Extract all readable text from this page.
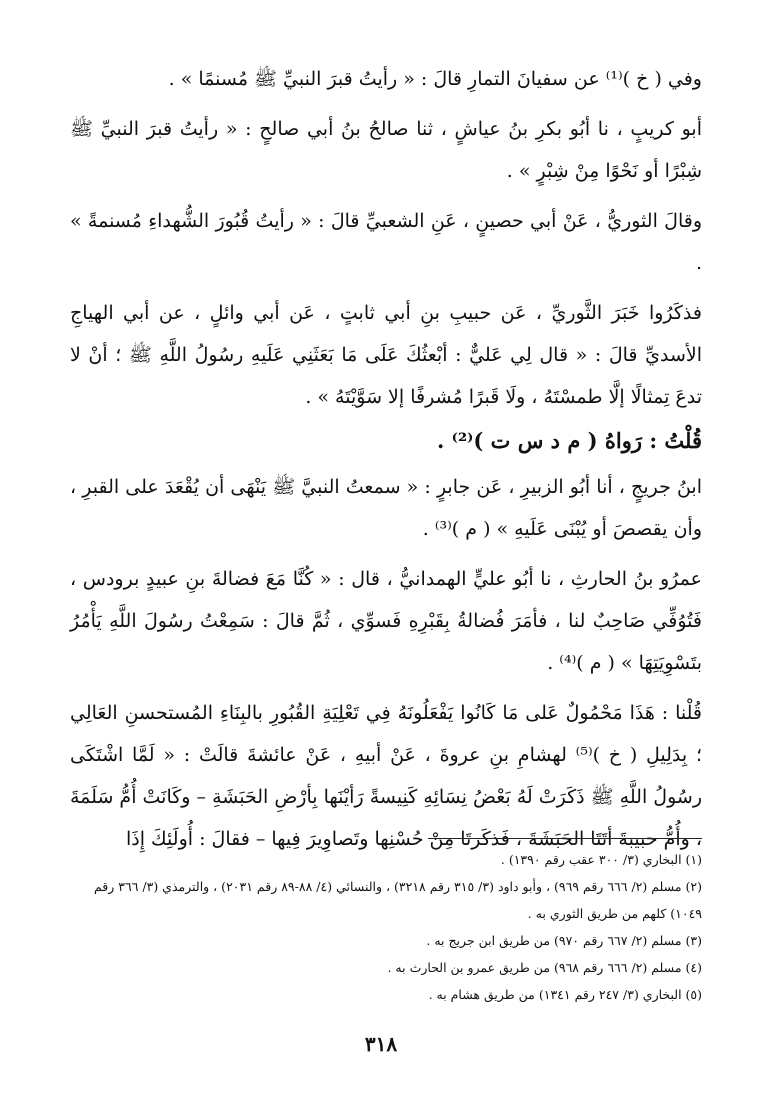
وفي ( خ )⁽¹⁾ عن سفيانَ التمارِ قالَ : « رأيتُ قبرَ النبيِّ ﷺ مُسنمًا » .

أبو كريبٍ ، نا أبُو بكرِ بنُ عياشٍ ، ثنا صالحُ بنُ أبي صالحٍ : « رأيتُ قبرَ النبيِّ ﷺ شِبْرًا أو نَحْوًا مِنْ شِبْرٍ » .

وقالَ الثوريُّ ، عَنْ أبي حصينٍ ، عَنِ الشعبيِّ قالَ : « رأيتُ قُبُورَ الشُّهداءِ مُسنمةً » .

فذكَرُوا خَبَرَ الثَّوريِّ ، عَن حبيبِ بنِ أبي ثابتٍ ، عَن أبي وائلٍ ، عن أبي الهياجِ الأسديِّ قالَ : « قال لِي عَليٌّ : أبْعثُكَ عَلَى مَا بَعَثَنِي عَلَيهِ رسُولُ اللَّهِ ﷺ ؛ أنْ لا تدعَ تِمثالًا إلَّا طمسْتَهُ ، ولَا قَبرًا مُشرفًا إلا سَوَّيْتَهُ » .

قُلْتُ : رَواهُ ( م د س ت )⁽²⁾ .

ابنُ جريجٍ ، أنا أبُو الزبيرِ ، عَن جابرٍ : « سمعتُ النبيَّ ﷺ يَنْهَى أن يُقْعَدَ على القبرِ ، وأن يقصصَ أو يُبْنَى عَلَيهِ » ( م )⁽³⁾ .

عمرُو بنُ الحارثِ ، نا أبُو عليٍّ الهمدانيُّ ، قال : « كُنَّا مَعَ فضالةَ بنِ عبيدٍ برودس ، فَتُوُفِّي صَاحِبٌ لنا ، فأمَرَ فُضالةُ بِقَبْرِهِ فَسوِّي ، ثُمَّ قالَ : سَمِعْتُ رسُولَ اللَّهِ يَأْمُرُ بتَسْوِيَتِهَا » ( م )⁽⁴⁾ .

قُلْنا : هَذَا مَحْمُولٌ عَلى مَا كَانُوا يَفْعَلُونَهُ فِي تَعْلِيَةِ القُبُورِ بالبِنَاءِ المُستحسنِ العَالِي ؛ بِدَلِيلِ ( خ )⁽⁵⁾ لهشامِ بنِ عروةَ ، عَنْ أبيهِ ، عَنْ عائشةَ قالَتْ : « لَمَّا اشْتَكَى رسُولُ اللَّهِ ﷺ ذَكَرَتْ لَهُ بَعْضُ نِسَائِهِ كَنِيسةً رَأيْنَها بِأرْضِ الحَبَشَةِ – وكَانَتْ أُمُّ سَلَمَةَ ، وأُمُّ حبيبةَ أتَتَا الحَبَشَةَ ، فَذكَرتَا مِنْ حُسْنِها وتَصاوِيرَ فِيها – فقالَ : أُولَئِكَ إِذَا

(١) البخاري (٣/ ٣٠٠ عقب رقم ١٣٩٠) .

(٢) مسلم (٢/ ٦٦٦ رقم ٩٦٩) ، وأبو داود (٣/ ٣١٥ رقم ٣٢١٨) ، والنسائي (٤/ ٨٨-٨٩ رقم ٢٠٣١) ، والترمذي (٣/ ٣٦٦ رقم ١٠٤٩) كلهم من طريق الثوري به .

(٣) مسلم (٢/ ٦٦٧ رقم ٩٧٠) من طريق ابن جريج به .

(٤) مسلم (٢/ ٦٦٦ رقم ٩٦٨) من طريق عمرو بن الحارث به .

(٥) البخاري (٣/ ٢٤٧ رقم ١٣٤١) من طريق هشام به .

٣١٨
